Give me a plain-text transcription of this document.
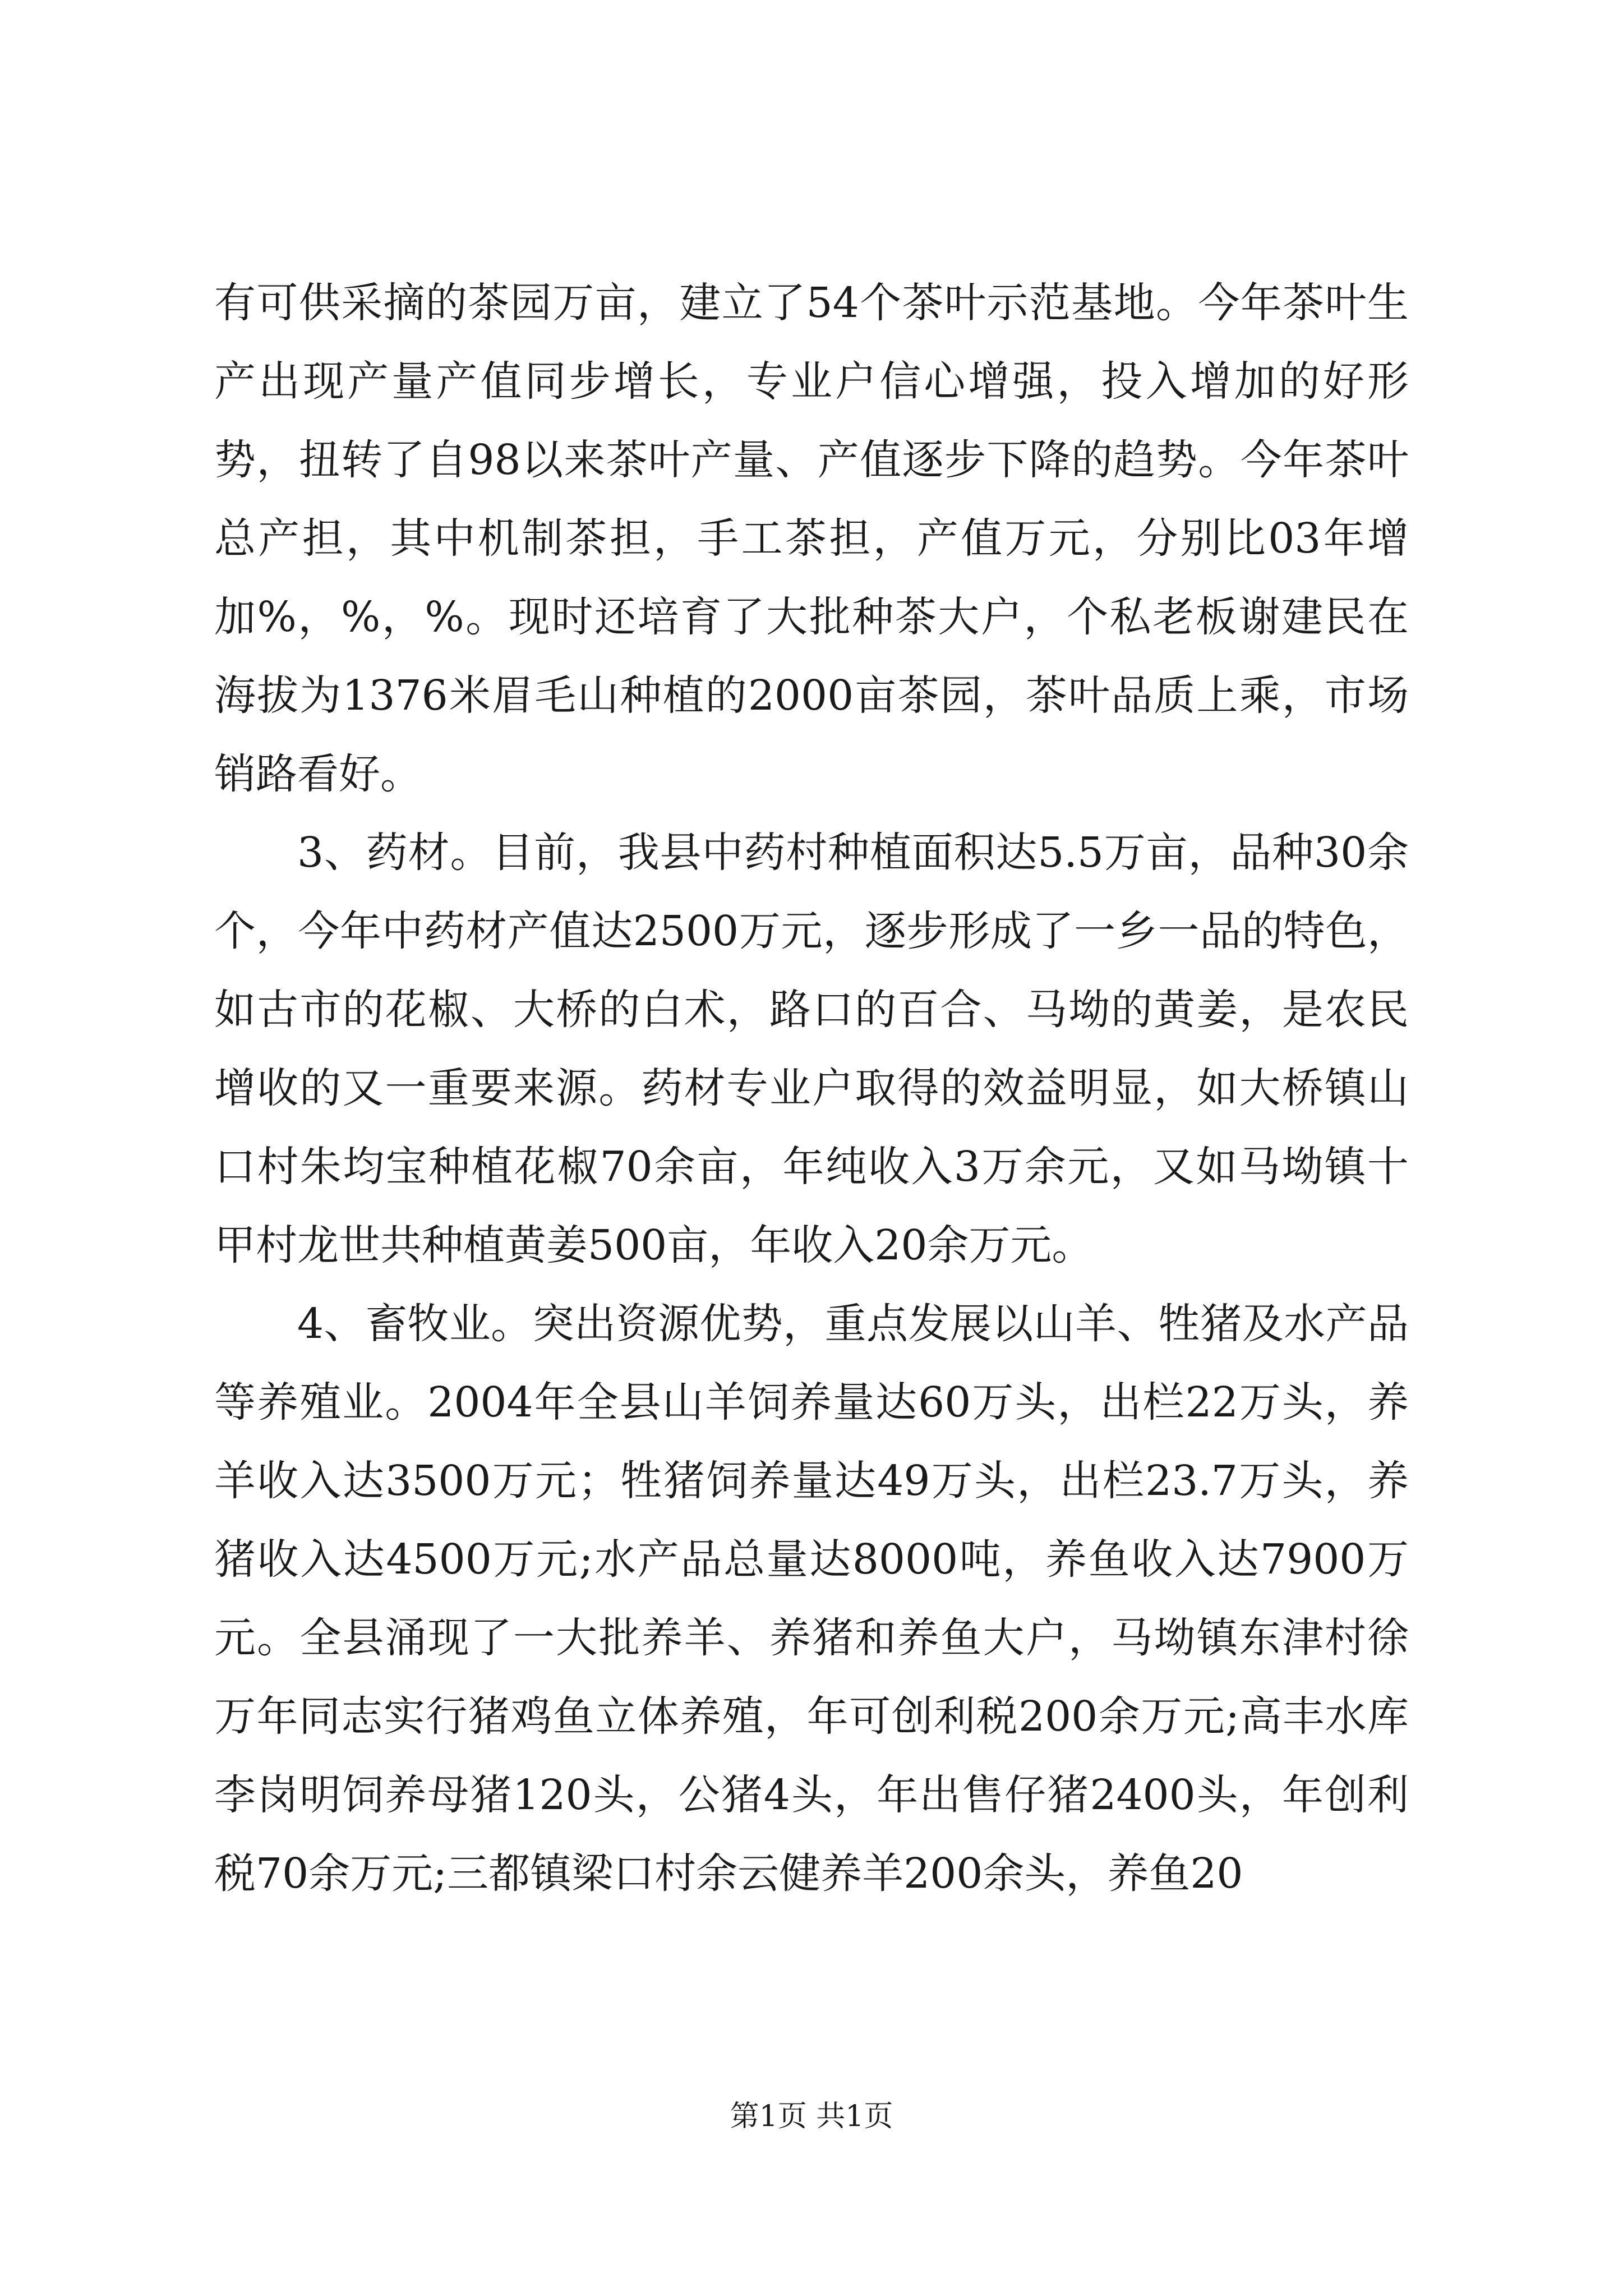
有可供采摘的茶园万亩，建立了54个茶叶示范基地。今年茶叶生产出现产量产值同步增长，专业户信心增强，投入增加的好形势，扭转了自98以来茶叶产量、产值逐步下降的趋势。今年茶叶总产担，其中机制茶担，手工茶担，产值万元，分别比03年增加%，%，%。现时还培育了大批种茶大户，个私老板谢建民在海拔为1376米眉毛山种植的2000亩茶园，茶叶品质上乘，市场销路看好。

3、药材。目前，我县中药村种植面积达5.5万亩，品种30余个，今年中药材产值达2500万元，逐步形成了一乡一品的特色，如古市的花椒、大桥的白术，路口的百合、马坳的黄姜，是农民增收的又一重要来源。药材专业户取得的效益明显，如大桥镇山口村朱均宝种植花椒70余亩，年纯收入3万余元，又如马坳镇十甲村龙世共种植黄姜500亩，年收入20余万元。

4、畜牧业。突出资源优势，重点发展以山羊、牲猪及水产品等养殖业。2004年全县山羊饲养量达60万头，出栏22万头，养羊收入达3500万元；牲猪饲养量达49万头，出栏23.7万头，养猪收入达4500万元;水产品总量达8000吨，养鱼收入达7900万元。全县涌现了一大批养羊、养猪和养鱼大户，马坳镇东津村徐万年同志实行猪鸡鱼立体养殖，年可创利税200余万元;高丰水库李岗明饲养母猪120头，公猪4头，年出售仔猪2400头，年创利税70余万元;三都镇梁口村余云健养羊200余头，养鱼20

第1页 共1页
